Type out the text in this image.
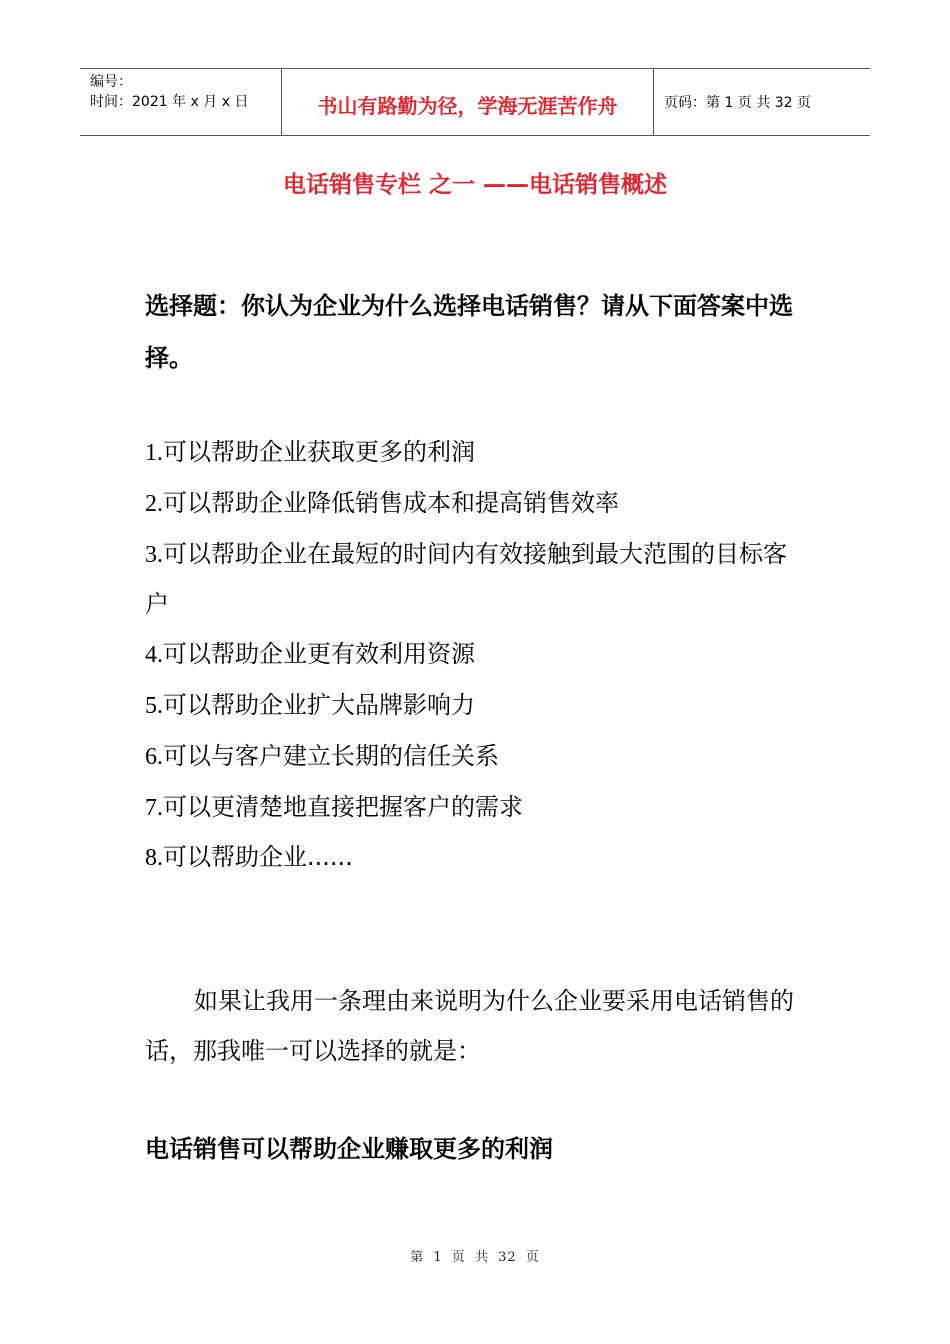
编号：
时间：2021 年 x 月 x 日	书山有路勤为径，学海无涯苦作舟	页码：第 1 页 共 32 页
电话销售专栏 之一 ——电话销售概述
选择题：你认为企业为什么选择电话销售？请从下面答案中选择。
1.可以帮助企业获取更多的利润
2.可以帮助企业降低销售成本和提高销售效率
3.可以帮助企业在最短的时间内有效接触到最大范围的目标客户
4.可以帮助企业更有效利用资源
5.可以帮助企业扩大品牌影响力
6.可以与客户建立长期的信任关系
7.可以更清楚地直接把握客户的需求
8.可以帮助企业......
如果让我用一条理由来说明为什么企业要采用电话销售的话，那我唯一可以选择的就是：
电话销售可以帮助企业赚取更多的利润
第 1 页 共 32 页
